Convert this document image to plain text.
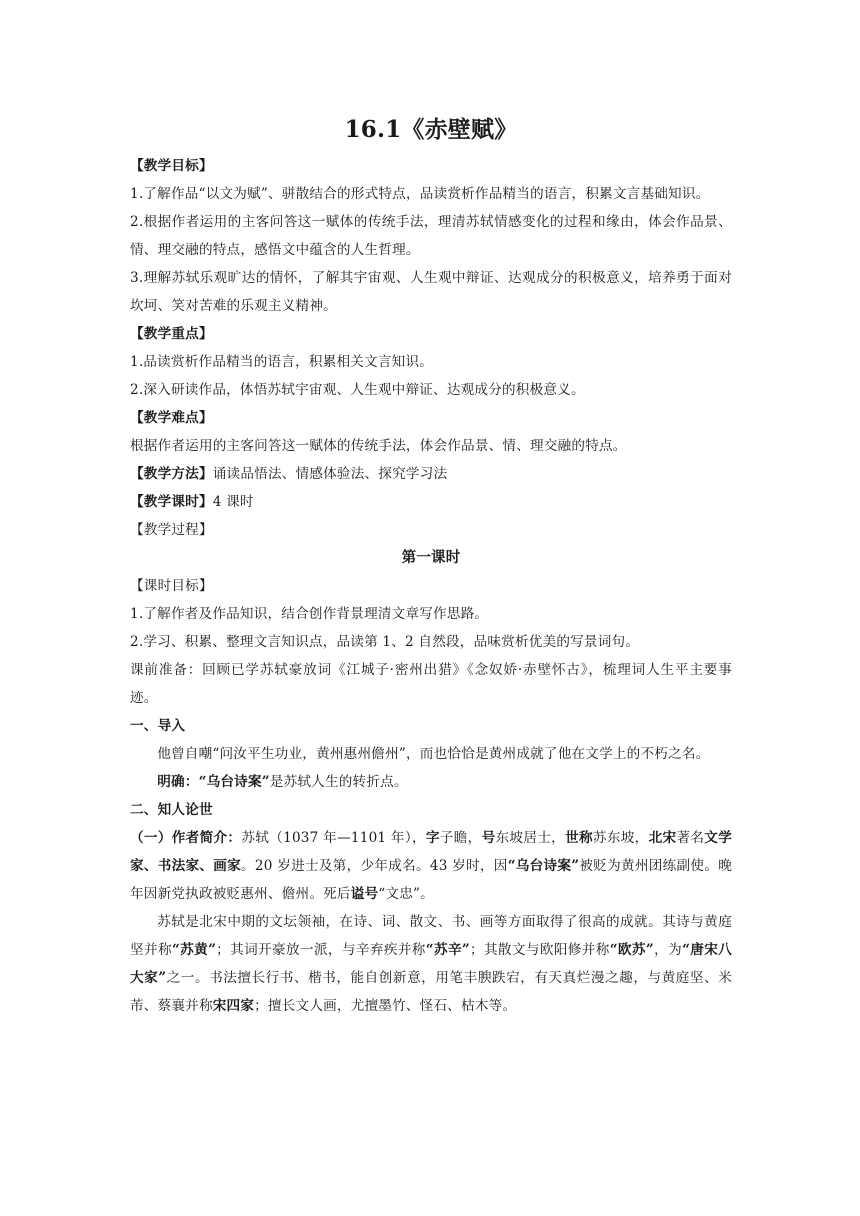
16.1《赤壁赋》

【教学目标】

1.了解作品“以文为赋”、骈散结合的形式特点，品读赏析作品精当的语言，积累文言基础知识。

2.根据作者运用的主客问答这一赋体的传统手法，理清苏轼情感变化的过程和缘由，体会作品景、情、理交融的特点，感悟文中蕴含的人生哲理。

3.理解苏轼乐观旷达的情怀，了解其宇宙观、人生观中辩证、达观成分的积极意义，培养勇于面对坎坷、笑对苦难的乐观主义精神。

【教学重点】

1.品读赏析作品精当的语言，积累相关文言知识。

2.深入研读作品，体悟苏轼宇宙观、人生观中辩证、达观成分的积极意义。

【教学难点】

根据作者运用的主客问答这一赋体的传统手法，体会作品景、情、理交融的特点。

【教学方法】诵读品悟法、情感体验法、探究学习法

【教学课时】4 课时

【教学过程】

第一课时

【课时目标】

1.了解作者及作品知识，结合创作背景理清文章写作思路。

2.学习、积累、整理文言知识点，品读第 1、2 自然段，品味赏析优美的写景词句。

课前准备：回顾已学苏轼豪放词《江城子·密州出猎》《念奴娇·赤壁怀古》，梳理词人生平主要事迹。

一、导入

他曾自嘲“问汝平生功业，黄州惠州儋州”，而也恰恰是黄州成就了他在文学上的不朽之名。

明确：“乌台诗案”是苏轼人生的转折点。

二、知人论世

（一）作者简介：苏轼（1037 年—1101 年），字子瞻，号东坡居士，世称苏东坡，北宋著名文学家、书法家、画家。20 岁进士及第，少年成名。43 岁时，因“乌台诗案”被贬为黄州团练副使。晚年因新党执政被贬惠州、儋州。死后谥号“文忠”。

苏轼是北宋中期的文坛领袖，在诗、词、散文、书、画等方面取得了很高的成就。其诗与黄庭坚并称“苏黄”；其词开豪放一派，与辛弃疾并称“苏辛”；其散文与欧阳修并称“欧苏”，为“唐宋八大家”之一。书法擅长行书、楷书，能自创新意，用笔丰腴跌宕，有天真烂漫之趣，与黄庭坚、米芾、蔡襄并称宋四家；擅长文人画，尤擅墨竹、怪石、枯木等。
